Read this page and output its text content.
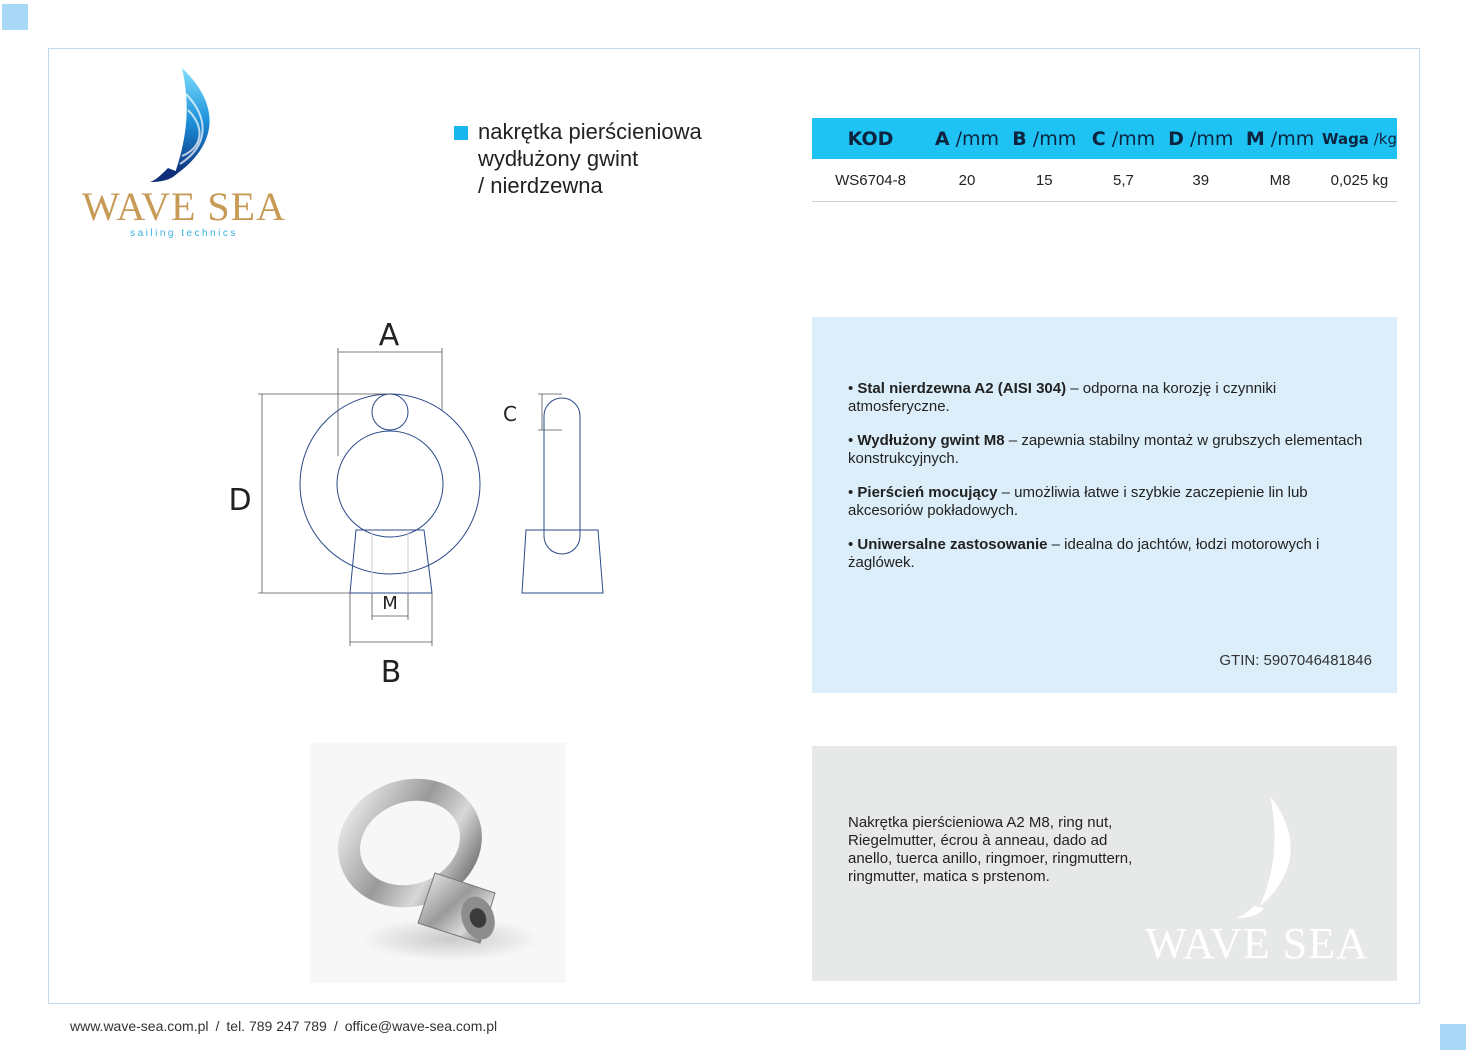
WAVE SEA
sailing technics
nakrętka pierścieniowa
wydłużony gwint
/ nierdzewna
KOD	A /mm	B /mm	C /mm	D /mm	M /mm	Waga /kg
WS6704-8	20	15	5,7	39	M8	0,025 kg
A
D
M
B
C
• Stal nierdzewna A2 (AISI 304) – odporna na korozję i czynniki atmosferyczne.
• Wydłużony gwint M8 – zapewnia stabilny montaż w grubszych elementach konstrukcyjnych.
• Pierścień mocujący – umożliwia łatwe i szybkie zaczepienie lin lub akcesoriów pokładowych.
• Uniwersalne zastosowanie – idealna do jachtów, łodzi motorowych i żaglówek.
GTIN: 5907046481846
Nakrętka pierścieniowa A2 M8, ring nut, Riegelmutter, écrou à anneau, dado ad anello, tuerca anillo, ringmoer, ringmuttern, ringmutter, matica s prstenom.
WAVE SEA
www.wave-sea.com.pl / tel. 789 247 789 / office@wave-sea.com.pl
